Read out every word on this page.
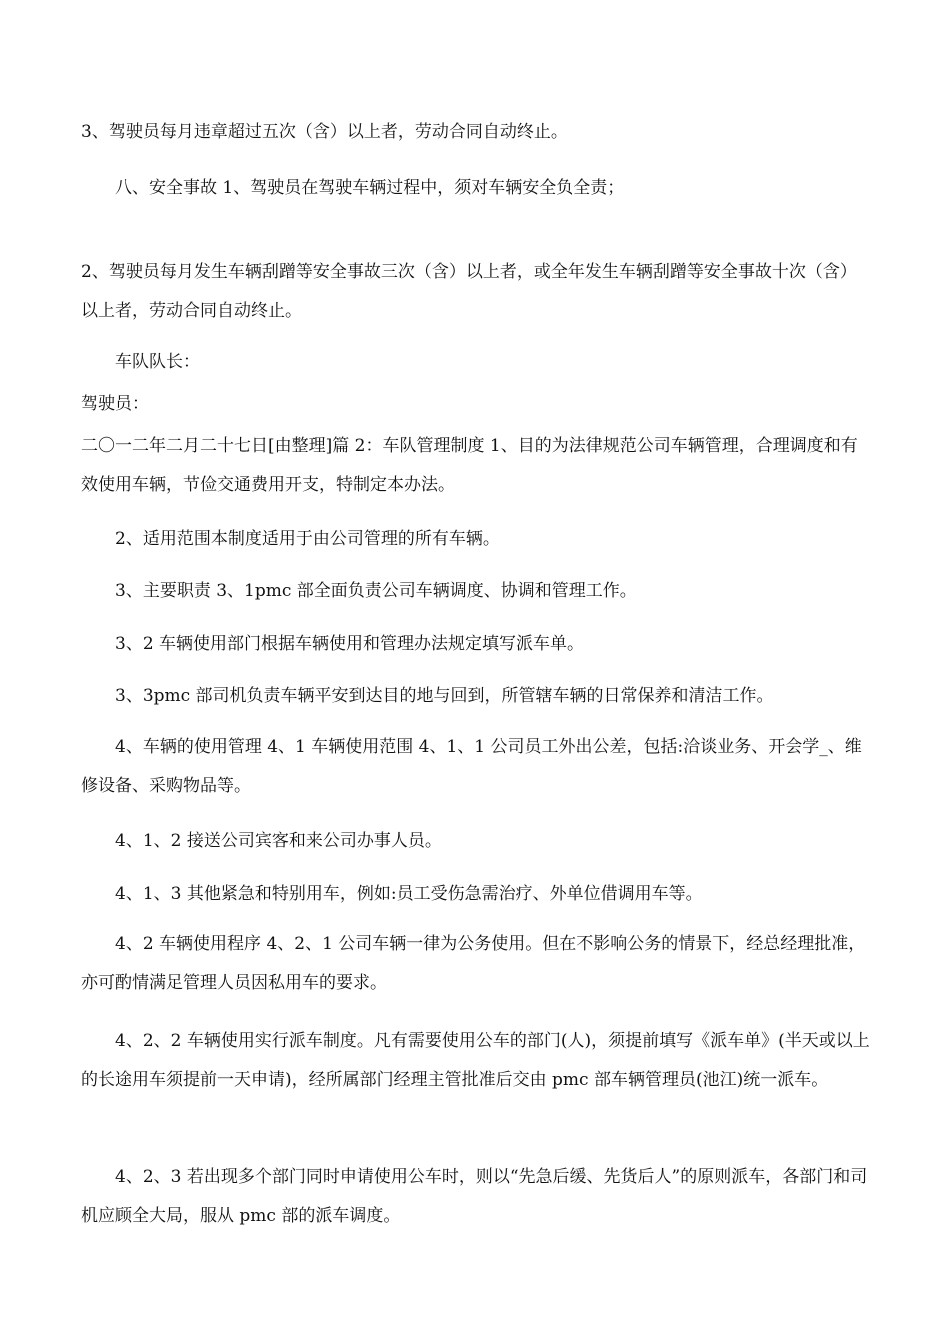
3、驾驶员每月违章超过五次（含）以上者，劳动合同自动终止。
八、安全事故 1、驾驶员在驾驶车辆过程中，须对车辆安全负全责；
2、驾驶员每月发生车辆刮蹭等安全事故三次（含）以上者，或全年发生车辆刮蹭等安全事故十次（含）以上者，劳动合同自动终止。
车队队长：
驾驶员：
二〇一二年二月二十七日[由整理]篇 2：车队管理制度 1、目的为法律规范公司车辆管理，合理调度和有效使用车辆，节俭交通费用开支，特制定本办法。
2、适用范围本制度适用于由公司管理的所有车辆。
3、主要职责 3、1pmc 部全面负责公司车辆调度、协调和管理工作。
3、2 车辆使用部门根据车辆使用和管理办法规定填写派车单。
3、3pmc 部司机负责车辆平安到达目的地与回到，所管辖车辆的日常保养和清洁工作。
4、车辆的使用管理 4、1 车辆使用范围 4、1、1 公司员工外出公差，包括:洽谈业务、开会学_、维修设备、采购物品等。
4、1、2 接送公司宾客和来公司办事人员。
4、1、3 其他紧急和特别用车，例如:员工受伤急需治疗、外单位借调用车等。
4、2 车辆使用程序 4、2、1 公司车辆一律为公务使用。但在不影响公务的情景下，经总经理批准，亦可酌情满足管理人员因私用车的要求。
4、2、2 车辆使用实行派车制度。凡有需要使用公车的部门(人)，须提前填写《派车单》(半天或以上的长途用车须提前一天申请)，经所属部门经理主管批准后交由 pmc 部车辆管理员(池江)统一派车。
4、2、3 若出现多个部门同时申请使用公车时，则以“先急后缓、先货后人”的原则派车，各部门和司机应顾全大局，服从 pmc 部的派车调度。
